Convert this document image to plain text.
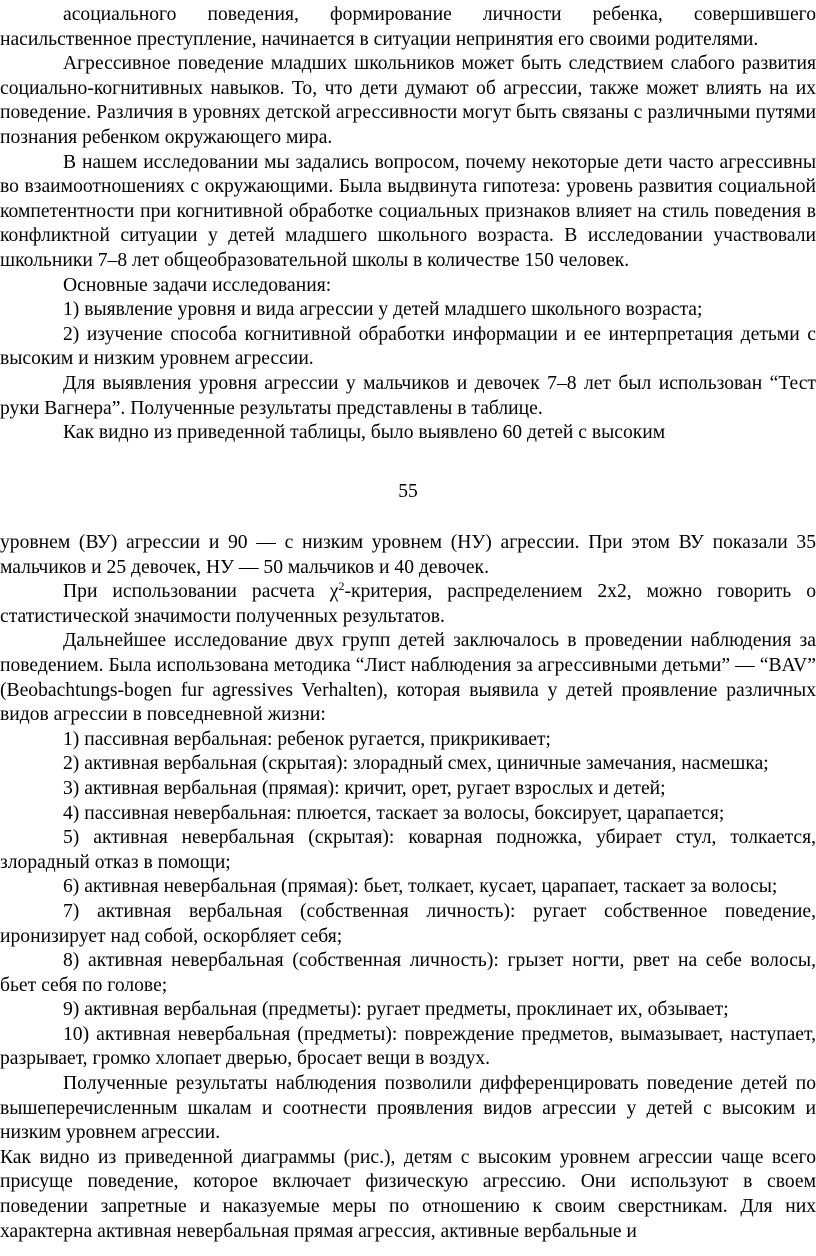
асоциального поведения, формирование личности ребенка, совершившего насильственное преступление, начинается в ситуации непринятия его своими родителями.

Агрессивное поведение младших школьников может быть следствием слабого развития социально-когнитивных навыков. То, что дети думают об агрессии, также может влиять на их поведение. Различия в уровнях детской агрессивности могут быть связаны с различными путями познания ребенком окружающего мира.

В нашем исследовании мы задались вопросом, почему некоторые дети часто агрессивны во взаимоотношениях с окружающими. Была выдвинута гипотеза: уровень развития социальной компетентности при когнитивной обработке социальных признаков влияет на стиль поведения в конфликтной ситуации у детей младшего школьного возраста. В исследовании участвовали школьники 7–8 лет общеобразовательной школы в количестве 150 человек.

Основные задачи исследования:

1) выявление уровня и вида агрессии у детей младшего школьного возраста;

2) изучение способа когнитивной обработки информации и ее интерпретация детьми с высоким и низким уровнем агрессии.

Для выявления уровня агрессии у мальчиков и девочек 7–8 лет был использован “Тест руки Вагнера”. Полученные результаты представлены в таблице.

Как видно из приведенной таблицы, было выявлено 60 детей с высоким

55

уровнем (ВУ) агрессии и 90 — с низким уровнем (НУ) агрессии. При этом ВУ показали 35 мальчиков и 25 девочек, НУ — 50 мальчиков и 40 девочек.

При использовании расчета $\chi^2$-критерия, распределением 2х2, можно говорить о статистической значимости полученных результатов.

Дальнейшее исследование двух групп детей заключалось в проведении наблюдения за поведением. Была использована методика “Лист наблюдения за агрессивными детьми” — “BAV” (Beobachtungs-bogen fur agressives Verhalten), которая выявила у детей проявление различных видов агрессии в повседневной жизни:

1) пассивная вербальная: ребенок ругается, прикрикивает;

2) активная вербальная (скрытая): злорадный смех, циничные замечания, насмешка;

3) активная вербальная (прямая): кричит, орет, ругает взрослых и детей;

4) пассивная невербальная: плюется, таскает за волосы, боксирует, царапается;

5) активная невербальная (скрытая): коварная подножка, убирает стул, толкается, злорадный отказ в помощи;

6) активная невербальная (прямая): бьет, толкает, кусает, царапает, таскает за волосы;

7) активная вербальная (собственная личность): ругает собственное поведение, иронизирует над собой, оскорбляет себя;

8) активная невербальная (собственная личность): грызет ногти, рвет на себе волосы, бьет себя по голове;

9) активная вербальная (предметы): ругает предметы, проклинает их, обзывает;

10) активная невербальная (предметы): повреждение предметов, вымазывает, наступает, разрывает, громко хлопает дверью, бросает вещи в воздух.

Полученные результаты наблюдения позволили дифференцировать поведение детей по вышеперечисленным шкалам и соотнести проявления видов агрессии у детей с высоким и низким уровнем агрессии.

Как видно из приведенной диаграммы (рис.), детям с высоким уровнем агрессии чаще всего присуще поведение, которое включает физическую агрессию. Они используют в своем поведении запретные и наказуемые меры по отношению к своим сверстникам. Для них характерна активная невербальная прямая агрессия, активные вербальные и
